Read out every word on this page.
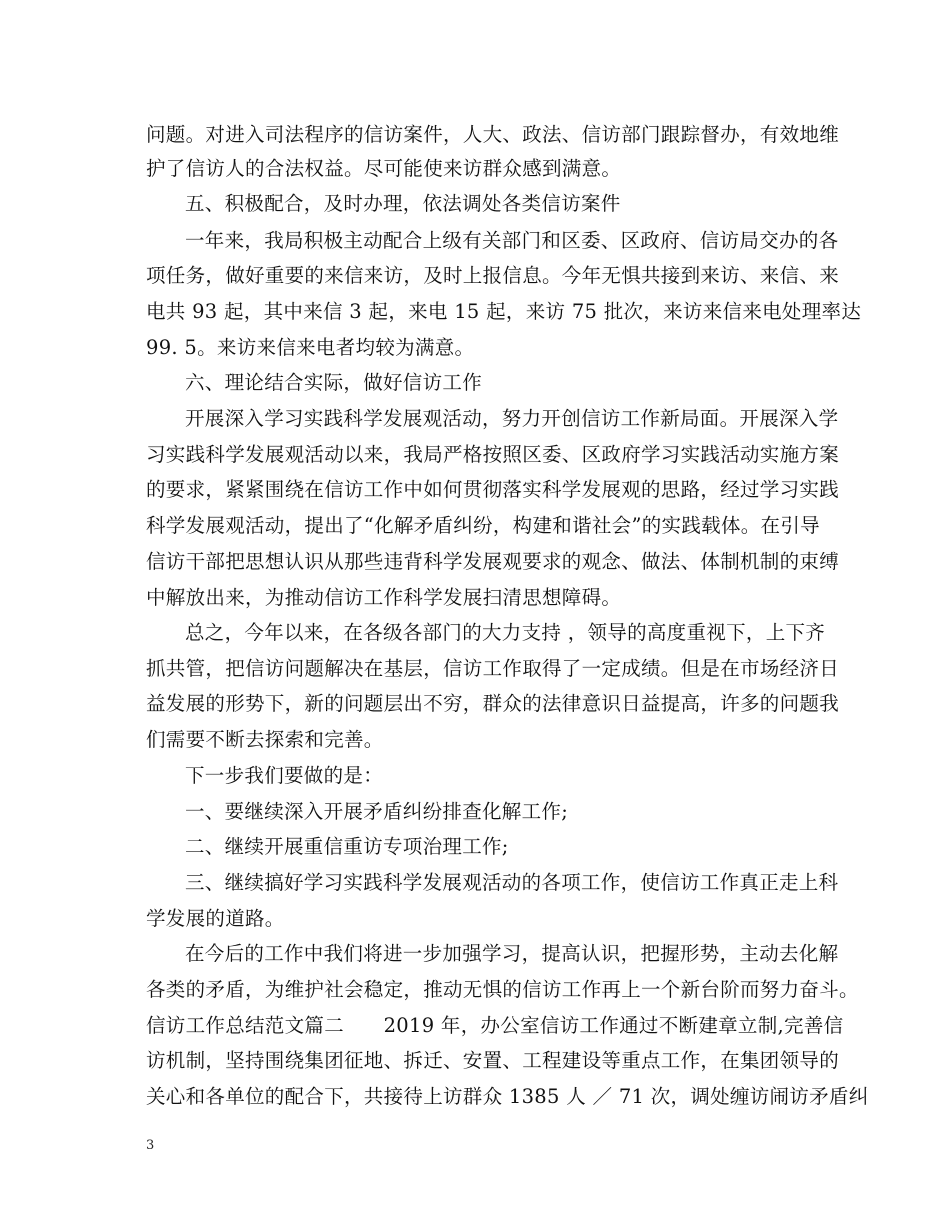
问题。对进入司法程序的信访案件，人大、政法、信访部门跟踪督办，有效地维
护了信访人的合法权益。尽可能使来访群众感到满意。
五、积极配合，及时办理，依法调处各类信访案件
一年来，我局积极主动配合上级有关部门和区委、区政府、信访局交办的各
项任务，做好重要的来信来访，及时上报信息。今年无惧共接到来访、来信、来
电共 93 起，其中来信 3 起，来电 15 起，来访 75 批次，来访来信来电处理率达
99. 5。来访来信来电者均较为满意。
六、理论结合实际，做好信访工作
开展深入学习实践科学发展观活动，努力开创信访工作新局面。开展深入学
习实践科学发展观活动以来，我局严格按照区委、区政府学习实践活动实施方案
的要求，紧紧围绕在信访工作中如何贯彻落实科学发展观的思路，经过学习实践
科学发展观活动，提出了“化解矛盾纠纷，构建和谐社会”的实践载体。在引导
信访干部把思想认识从那些违背科学发展观要求的观念、做法、体制机制的束缚
中解放出来，为推动信访工作科学发展扫清思想障碍。
总之，今年以来，在各级各部门的大力支持 ，领导的高度重视下，上下齐
抓共管，把信访问题解决在基层，信访工作取得了一定成绩。但是在市场经济日
益发展的形势下，新的问题层出不穷，群众的法律意识日益提高，许多的问题我
们需要不断去探索和完善。
下一步我们要做的是：
一、要继续深入开展矛盾纠纷排查化解工作;
二、继续开展重信重访专项治理工作;
三、继续搞好学习实践科学发展观活动的各项工作，使信访工作真正走上科
学发展的道路。
在今后的工作中我们将进一步加强学习，提高认识，把握形势，主动去化解
各类的矛盾，为维护社会稳定，推动无惧的信访工作再上一个新台阶而努力奋斗。
信访工作总结范文篇二　　2019 年，办公室信访工作通过不断建章立制,完善信
访机制，坚持围绕集团征地、拆迁、安置、工程建设等重点工作，在集团领导的
关心和各单位的配合下，共接待上访群众 1385 人 ／ 71 次，调处缠访闹访矛盾纠
3
